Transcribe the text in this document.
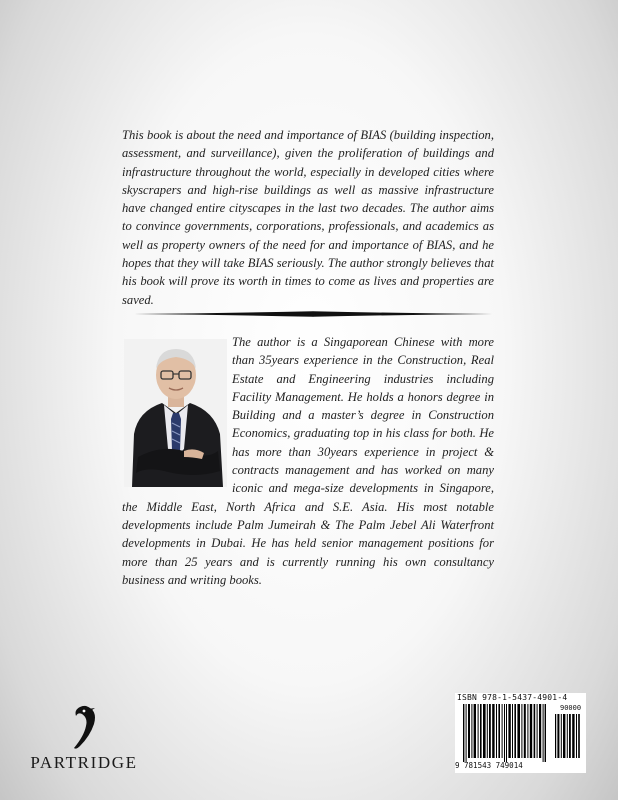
This book is about the need and importance of BIAS (building inspection, assessment, and surveillance), given the proliferation of buildings and infrastructure throughout the world, especially in developed cities where skyscrapers and high-rise buildings as well as massive infrastructure have changed entire cityscapes in the last two decades. The author aims to convince governments, corporations, professionals, and academics as well as property owners of the need for and importance of BIAS, and he hopes that they will take BIAS seriously. The author strongly believes that his book will prove its worth in times to come as lives and properties are saved.

The author is a Singaporean Chinese with more than 35years experience in the Construction, Real Estate and Engineering industries including Facility Management. He holds a honors degree in Building and a master’s degree in Construction Economics, graduating top in his class for both. He has more than 30years experience in project & contracts management and has worked on many iconic and mega-size developments in Singapore, the Middle East, North Africa and S.E. Asia. His most notable developments include Palm Jumeirah & The Palm Jebel Ali Waterfront developments in Dubai. He has held senior management positions for more than 25 years and is currently running his own consultancy business and writing books.

PARTRIDGE
ISBN 978-1-5437-4901-4
90000
9 781543 749014
